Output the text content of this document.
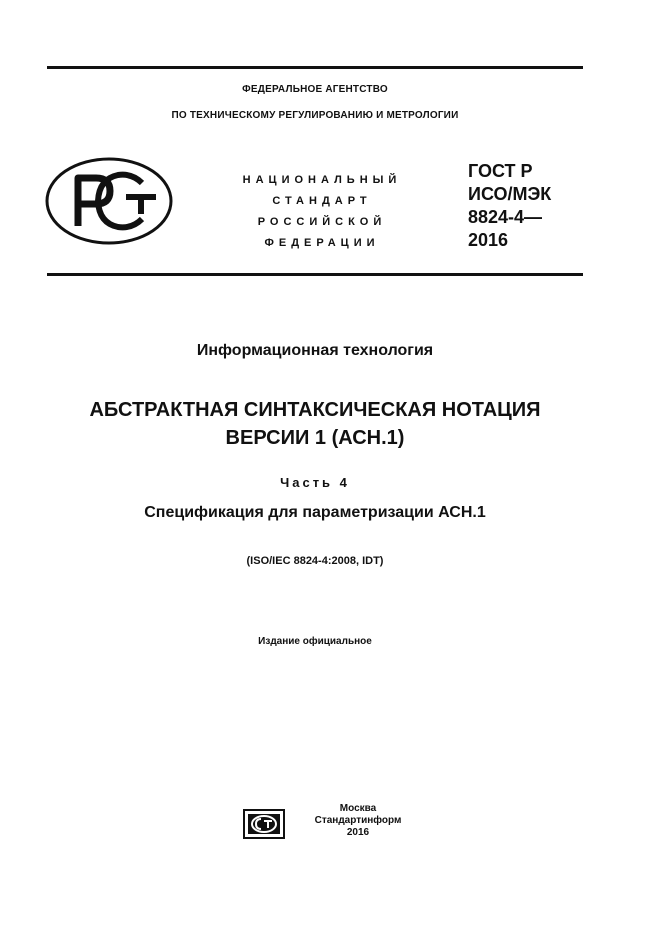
ФЕДЕРАЛЬНОЕ АГЕНТСТВО
ПО ТЕХНИЧЕСКОМУ РЕГУЛИРОВАНИЮ И МЕТРОЛОГИИ
НАЦИОНАЛЬНЫЙ
СТАНДАРТ
РОССИЙСКОЙ
ФЕДЕРАЦИИ
ГОСТ Р
ИСО/МЭК
8824-4—
2016
Информационная технология
АБСТРАКТНАЯ СИНТАКСИЧЕСКАЯ НОТАЦИЯ
ВЕРСИИ 1 (АСН.1)
Часть 4
Спецификация для параметризации АСН.1
(ISO/IEC 8824-4:2008, IDT)
Издание официальное
Москва
Стандартинформ
2016
